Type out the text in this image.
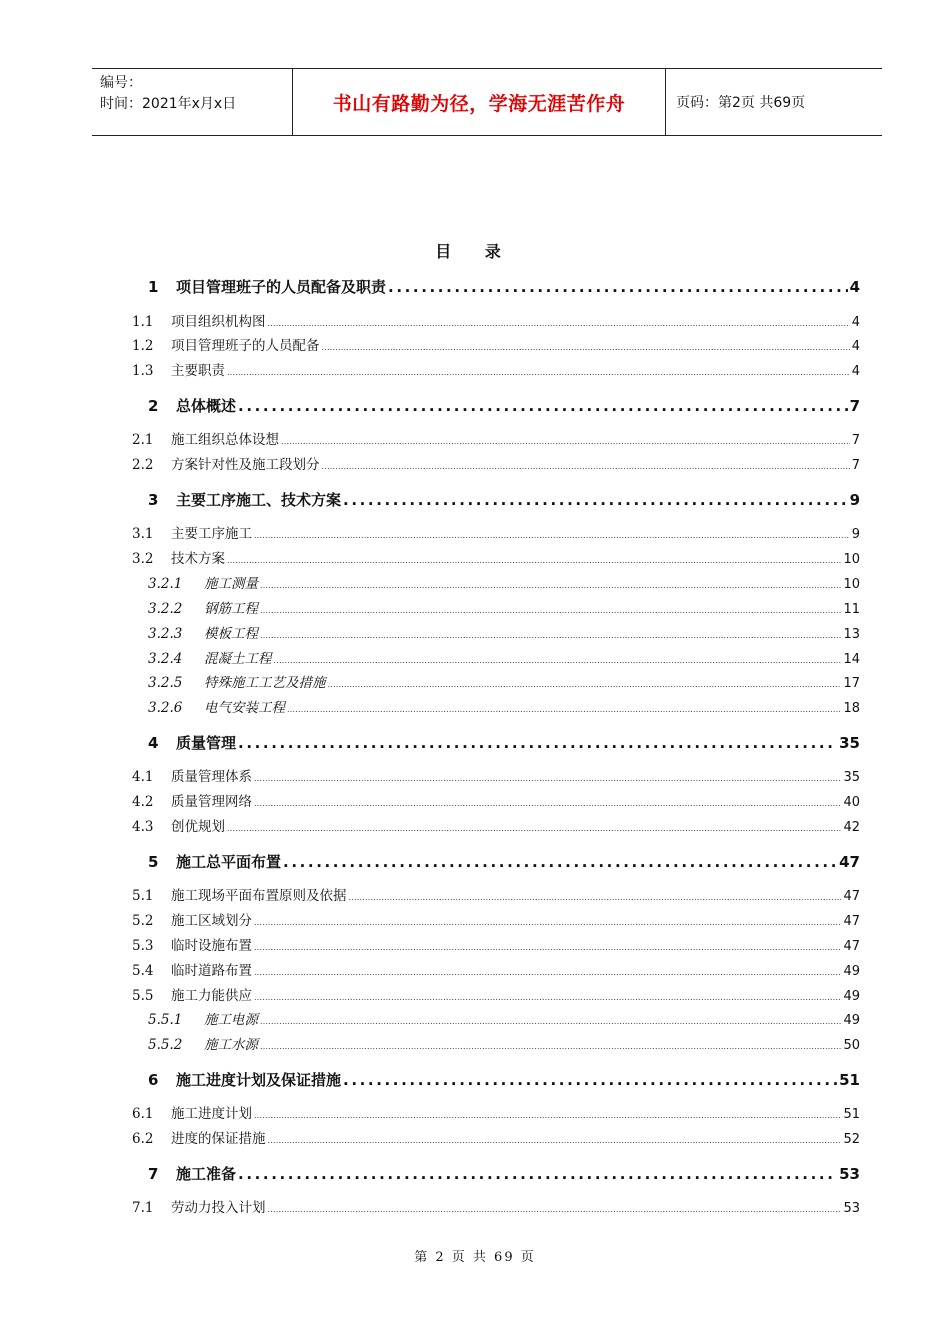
编号：
时间：2021年x月x日	书山有路勤为径，学海无涯苦作舟	页码：第2页 共69页
目 录
1	项目管理班子的人员配备及职责 .....	4
1.1	项目组织机构图 .....	4
1.2	项目管理班子的人员配备 .....	4
1.3	主要职责 .....	4
2	总体概述 .....	7
2.1	施工组织总体设想 .....	7
2.2	方案针对性及施工段划分 .....	7
3	主要工序施工、技术方案 .....	9
3.1	主要工序施工 .....	9
3.2	技术方案 .....	10
3.2.1	施工测量 .....	10
3.2.2	钢筋工程 .....	11
3.2.3	模板工程 .....	13
3.2.4	混凝土工程 .....	14
3.2.5	特殊施工工艺及措施 .....	17
3.2.6	电气安装工程 .....	18
4	质量管理 .....	35
4.1	质量管理体系 .....	35
4.2	质量管理网络 .....	40
4.3	创优规划 .....	42
5	施工总平面布置 .....	47
5.1	施工现场平面布置原则及依据 .....	47
5.2	施工区域划分 .....	47
5.3	临时设施布置 .....	47
5.4	临时道路布置 .....	49
5.5	施工力能供应 .....	49
5.5.1	施工电源 .....	49
5.5.2	施工水源 .....	50
6	施工进度计划及保证措施 .....	51
6.1	施工进度计划 .....	51
6.2	进度的保证措施 .....	52
7	施工准备 .....	53
7.1	劳动力投入计划 .....	53
第 2 页 共 69 页
